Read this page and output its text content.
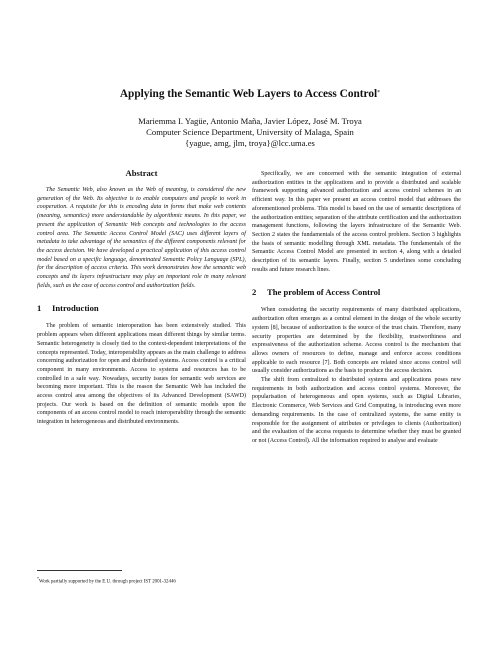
Applying the Semantic Web Layers to Access Control*
Mariemma I. Yagüe, Antonio Maña, Javier López, José M. Troya
Computer Science Department, University of Malaga, Spain
{yague, amg, jlm, troya}@lcc.uma.es
Abstract

The Semantic Web, also known as the Web of meaning, is considered the new generation of the Web. Its objective is to enable computers and people to work in cooperation. A requisite for this is encoding data in forms that make web contents (meaning, semantics) more understandable by algorithmic means. In this paper, we present the application of Semantic Web concepts and technologies to the access control area. The Semantic Access Control Model (SAC) uses different layers of metadata to take advantage of the semantics of the different components relevant for the access decision. We have developed a practical application of this access control model based on a specific language, denominated Semantic Policy Language (SPL), for the description of access criteria. This work demonstrates how the semantic web concepts and its layers infrastructure may play an important role in many relevant fields, such as the case of access control and authorization fields.

1 Introduction

The problem of semantic interoperation has been extensively studied. This problem appears when different applications mean different things by similar terms. Semantic heterogeneity is closely tied to the context-dependent interpretations of the concepts represented. Today, interoperability appears as the main challenge to address concerning authorization for open and distributed systems. Access control is a critical component in many environments. Access to systems and resources has to be controlled in a safe way. Nowadays, security issues for semantic web services are becoming more important. This is the reason the Semantic Web has included the access control area among the objectives of its Advanced Development (SAWD) projects. Our work is based on the definition of semantic models upon the components of an access control model to reach interoperability through the semantic integration in heterogeneous and distributed environments.

*Work partially supported by the E.U. through project IST 2001-32446

Specifically, we are concerned with the semantic integration of external authorization entities in the applications and to provide a distributed and scalable framework supporting advanced authorization and access control schemes in an efficient way. In this paper we present an access control model that addresses the aforementioned problems. This model is based on the use of semantic descriptions of the authorization entities; separation of the attribute certification and the authorization management functions, following the layers infrastructure of the Semantic Web. Section 2 states the fundamentals of the access control problem. Section 3 highlights the basis of semantic modelling through XML metadata. The fundamentals of the Semantic Access Control Model are presented in section 4, along with a detailed description of its semantic layers. Finally, section 5 underlines some concluding results and future research lines.

2 The problem of Access Control

When considering the security requirements of many distributed applications, authorization often emerges as a central element in the design of the whole security system [8], because of authorization is the source of the trust chain. Therefore, many security properties are determined by the flexibility, trustworthiness and expressiveness of the authorization scheme. Access control is the mechanism that allows owners of resources to define, manage and enforce access conditions applicable to each resource [7]. Both concepts are related since access control will usually consider authorizations as the basis to produce the access decision.

The shift from centralized to distributed systems and applications poses new requirements in both authorization and access control systems. Moreover, the popularisation of heterogeneous and open systems, such as Digital Libraries, Electronic Commerce, Web Services and Grid Computing, is introducing even more demanding requirements. In the case of centralized systems, the same entity is responsible for the assignment of attributes or privileges to clients (Authorization) and the evaluation of the access requests to determine whether they must be granted or not (Access Control). All the information required to analyse and evaluate
